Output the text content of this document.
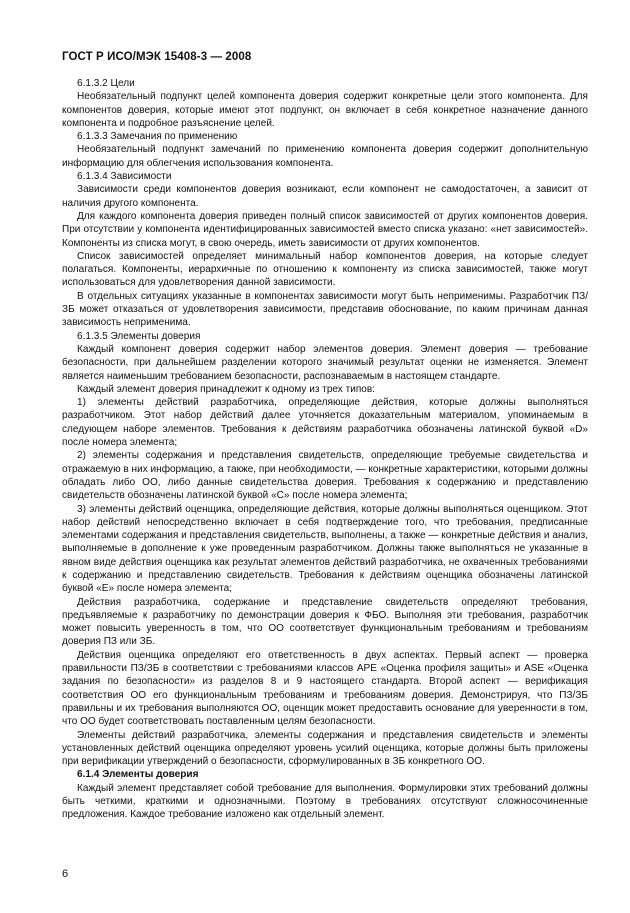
ГОСТ Р ИСО/МЭК 15408-3 — 2008

6.1.3.2 Цели

Необязательный подпункт целей компонента доверия содержит конкретные цели этого компонента. Для компонентов доверия, которые имеют этот подпункт, он включает в себя конкретное назначение данного компонента и подробное разъяснение целей.

6.1.3.3 Замечания по применению

Необязательный подпункт замечаний по применению компонента доверия содержит дополнительную информацию для облегчения использования компонента.

6.1.3.4 Зависимости

Зависимости среди компонентов доверия возникают, если компонент не самодостаточен, а зависит от наличия другого компонента.

Для каждого компонента доверия приведен полный список зависимостей от других компонентов доверия. При отсутствии у компонента идентифицированных зависимостей вместо списка указано: «нет зависимостей». Компоненты из списка могут, в свою очередь, иметь зависимости от других компонентов.

Список зависимостей определяет минимальный набор компонентов доверия, на которые следует полагаться. Компоненты, иерархичные по отношению к компоненту из списка зависимостей, также могут использоваться для удовлетворения данной зависимости.

В отдельных ситуациях указанные в компонентах зависимости могут быть неприменимы. Разработчик ПЗ/ЗБ может отказаться от удовлетворения зависимости, представив обоснование, по каким причинам данная зависимость неприменима.

6.1.3.5 Элементы доверия

Каждый компонент доверия содержит набор элементов доверия. Элемент доверия — требование безопасности, при дальнейшем разделении которого значимый результат оценки не изменяется. Элемент является наименьшим требованием безопасности, распознаваемым в настоящем стандарте.

Каждый элемент доверия принадлежит к одному из трех типов:

1) элементы действий разработчика, определяющие действия, которые должны выполняться разработчиком. Этот набор действий далее уточняется доказательным материалом, упоминаемым в следующем наборе элементов. Требования к действиям разработчика обозначены латинской буквой «D» после номера элемента;

2) элементы содержания и представления свидетельств, определяющие требуемые свидетельства и отражаемую в них информацию, а также, при необходимости, — конкретные характеристики, которыми должны обладать либо ОО, либо данные свидетельства доверия. Требования к содержанию и представлению свидетельств обозначены латинской буквой «С» после номера элемента;

3) элементы действий оценщика, определяющие действия, которые должны выполняться оценщиком. Этот набор действий непосредственно включает в себя подтверждение того, что требования, предписанные элементами содержания и представления свидетельств, выполнены, а также — конкретные действия и анализ, выполняемые в дополнение к уже проведенным разработчиком. Должны также выполняться не указанные в явном виде действия оценщика как результат элементов действий разработчика, не охваченных требованиями к содержанию и представлению свидетельств. Требования к действиям оценщика обозначены латинской буквой «Е» после номера элемента;

Действия разработчика, содержание и представление свидетельств определяют требования, предъявляемые к разработчику по демонстрации доверия к ФБО. Выполняя эти требования, разработчик может повысить уверенность в том, что ОО соответствует функциональным требованиям и требованиям доверия ПЗ или ЗБ.

Действия оценщика определяют его ответственность в двух аспектах. Первый аспект — проверка правильности ПЗ/ЗБ в соответствии с требованиями классов АРЕ «Оценка профиля защиты» и ASE «Оценка задания по безопасности» из разделов 8 и 9 настоящего стандарта. Второй аспект — верификация соответствия ОО его функциональным требованиям и требованиям доверия. Демонстрируя, что ПЗ/ЗБ правильны и их требования выполняются ОО, оценщик может предоставить основание для уверенности в том, что ОО будет соответствовать поставленным целям безопасности.

Элементы действий разработчика, элементы содержания и представления свидетельств и элементы установленных действий оценщика определяют уровень усилий оценщика, которые должны быть приложены при верификации утверждений о безопасности, сформулированных в ЗБ конкретного ОО.

6.1.4 Элементы доверия

Каждый элемент представляет собой требование для выполнения. Формулировки этих требований должны быть четкими, краткими и однозначными. Поэтому в требованиях отсутствуют сложносочиненные предложения. Каждое требование изложено как отдельный элемент.

6
